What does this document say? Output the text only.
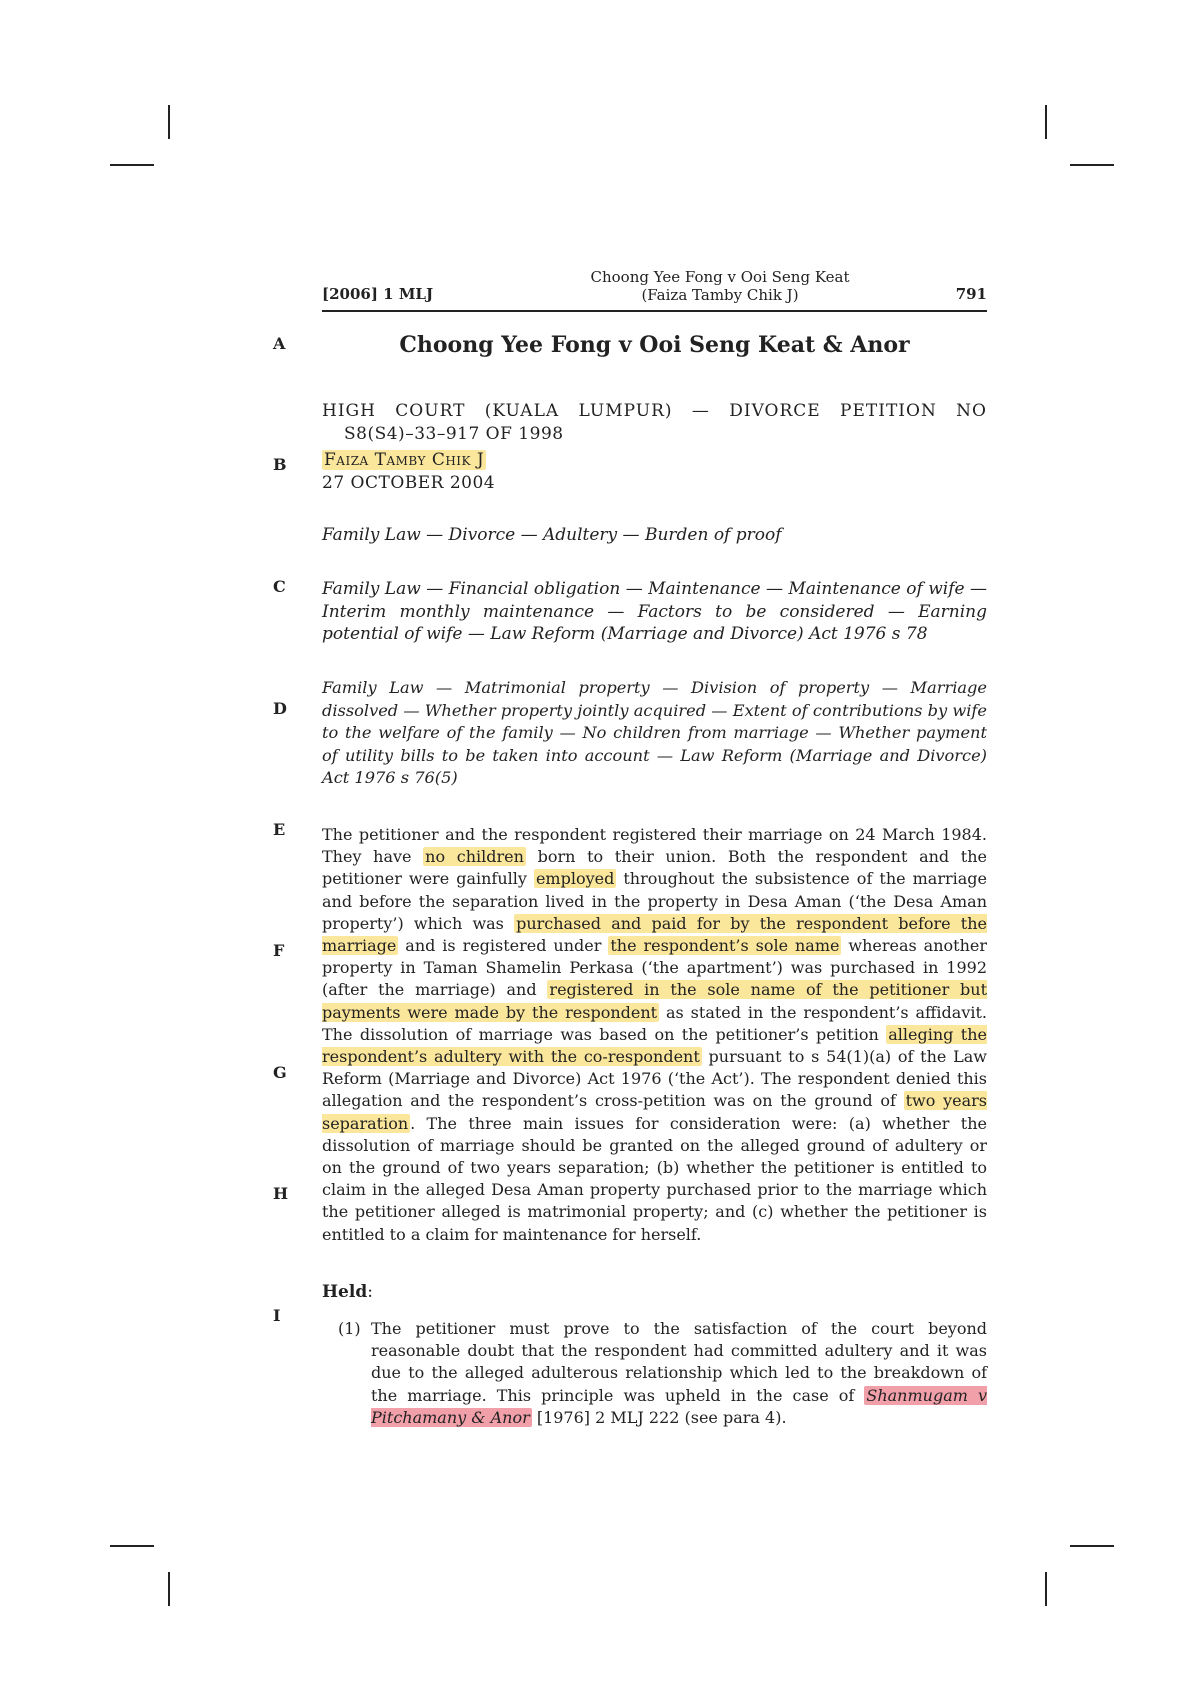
[2006] 1 MLJ
Choong Yee Fong v Ooi Seng Keat
(Faiza Tamby Chik J)	791
A
B
C
D
E
F
G
H
I
Choong Yee Fong v Ooi Seng Keat & Anor
HIGH COURT (KUALA LUMPUR) — DIVORCE PETITION NO
S8(S4)–33–917 OF 1998
Faiza Tamby Chik J
27 OCTOBER 2004
Family Law — Divorce — Adultery — Burden of proof
Family Law — Financial obligation — Maintenance — Maintenance of wife — Interim monthly maintenance — Factors to be considered — Earning potential of wife — Law Reform (Marriage and Divorce) Act 1976 s 78
Family Law — Matrimonial property — Division of property — Marriage dissolved — Whether property jointly acquired — Extent of contributions by wife to the welfare of the family — No children from marriage — Whether payment of utility bills to be taken into account — Law Reform (Marriage and Divorce) Act 1976 s 76(5)
The petitioner and the respondent registered their marriage on 24 March 1984. They have no children born to their union. Both the respondent and the petitioner were gainfully employed throughout the subsistence of the marriage and before the separation lived in the property in Desa Aman (‘the Desa Aman property’) which was purchased and paid for by the respondent before the marriage and is registered under the respondent’s sole name whereas another property in Taman Shamelin Perkasa (‘the apartment’) was purchased in 1992 (after the marriage) and registered in the sole name of the petitioner but payments were made by the respondent as stated in the respondent’s affidavit. The dissolution of marriage was based on the petitioner’s petition alleging the respondent’s adultery with the co-respondent pursuant to s 54(1)(a) of the Law Reform (Marriage and Divorce) Act 1976 (‘the Act’). The respondent denied this allegation and the respondent’s cross-petition was on the ground of two years separation . The three main issues for consideration were: (a) whether the dissolution of marriage should be granted on the alleged ground of adultery or on the ground of two years separation; (b) whether the petitioner is entitled to claim in the alleged Desa Aman property purchased prior to the marriage which the petitioner alleged is matrimonial property; and (c) whether the petitioner is entitled to a claim for maintenance for herself.
Held:
(1) The petitioner must prove to the satisfaction of the court beyond reasonable doubt that the respondent had committed adultery and it was due to the alleged adulterous relationship which led to the breakdown of the marriage. This principle was upheld in the case of Shanmugam v Pitchamany & Anor [1976] 2 MLJ 222 (see para 4).
